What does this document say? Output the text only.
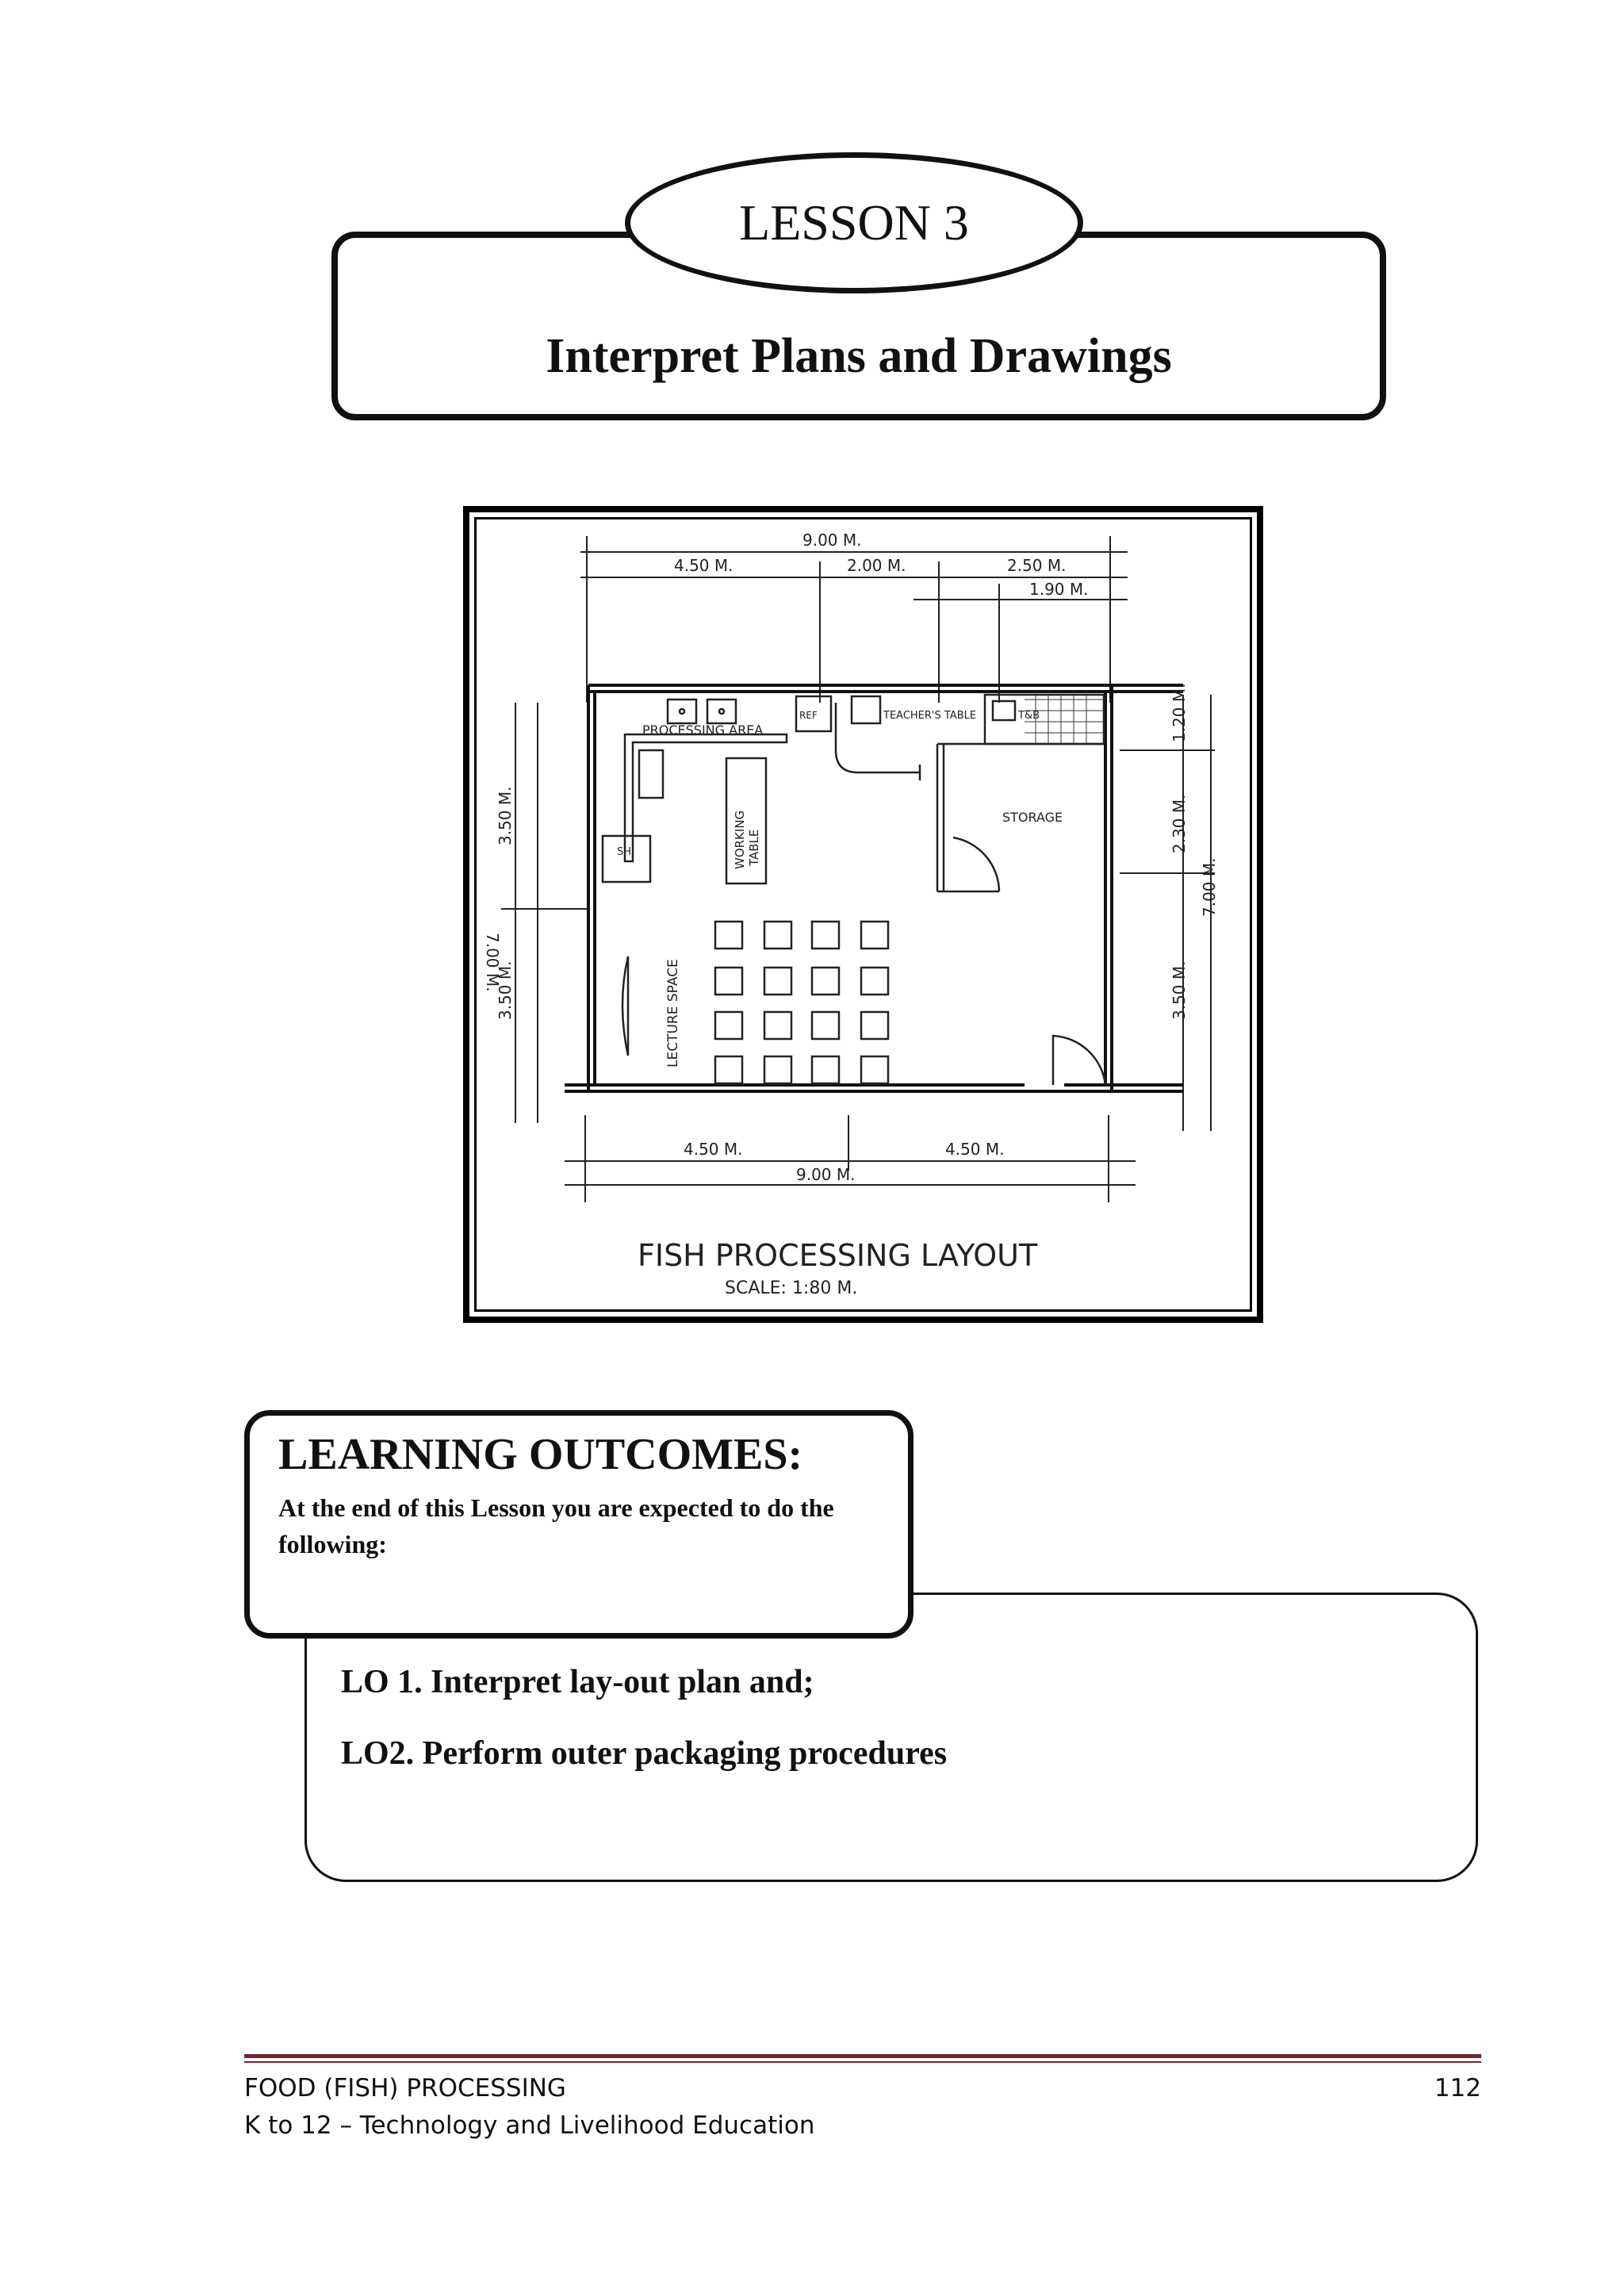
Interpret Plans and Drawings
LESSON 3
9.00 M.
4.50 M.	2.00 M.	2.50 M.
1.90 M.
4.50 M.	4.50 M.
9.00 M.
3.50 M.
3.50 M.
7.00 M.
1.20 M.
2.30 M.
3.50 M.
7.00 M.
REF
PROCESSING AREA
TEACHER'S TABLE	T&B
STORAGE
WORKING TABLE
SH
LECTURE SPACE
FISH PROCESSING LAYOUT
SCALE: 1:80 M.

LEARNING OUTCOMES:

At the end of this Lesson you are expected to do the following:

LO 1. Interpret lay-out plan and;

LO2. Perform outer packaging procedures

FOOD (FISH) PROCESSING
K to 12 – Technology and Livelihood Education
112
